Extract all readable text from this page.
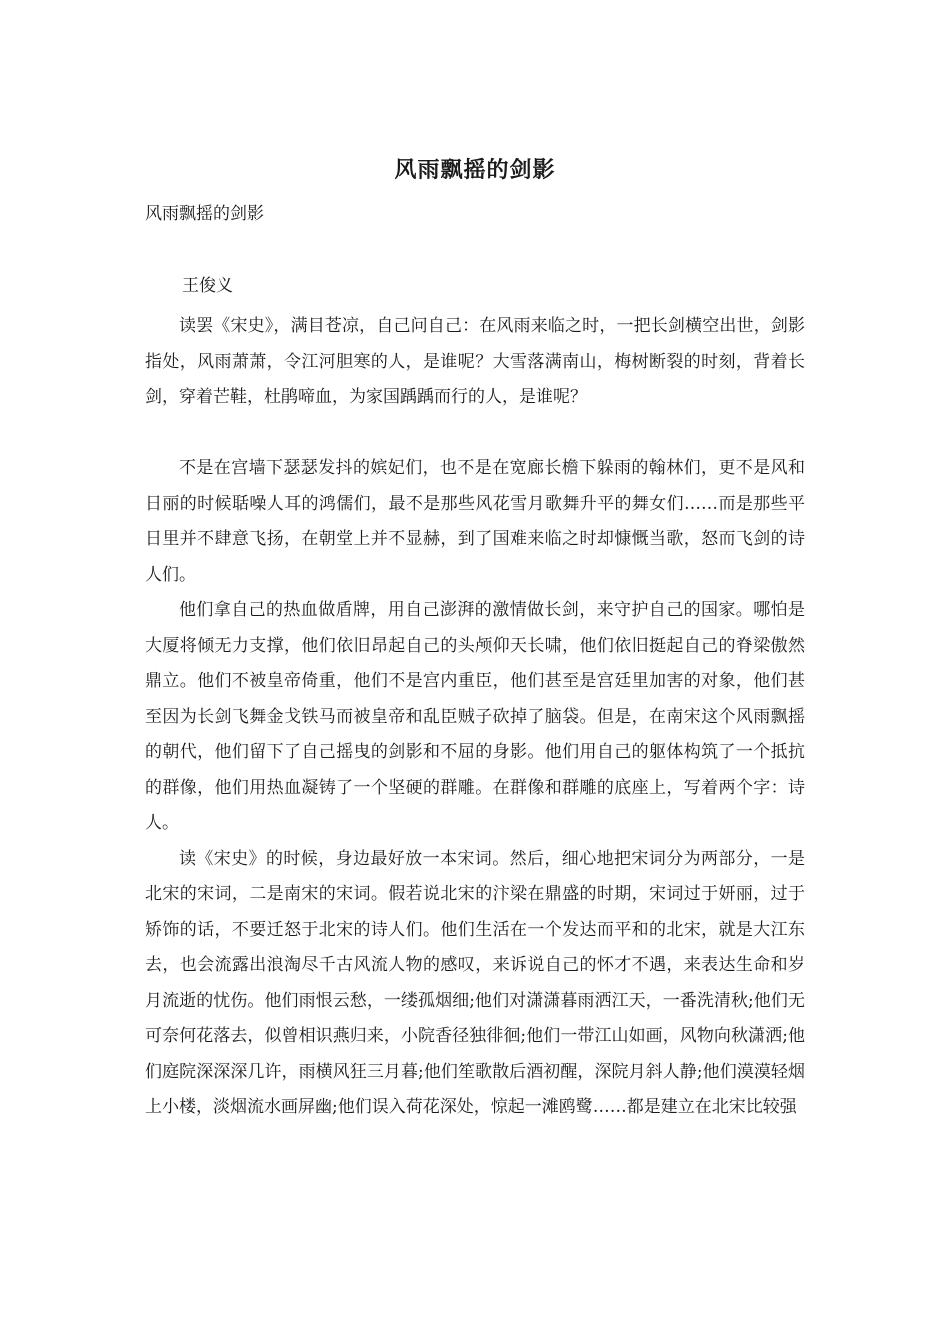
风雨飘摇的剑影
风雨飘摇的剑影
王俊义

读罢《宋史》，满目苍凉，自己问自己：在风雨来临之时，一把长剑横空出世，剑影指处，风雨萧萧，令江河胆寒的人，是谁呢？大雪落满南山，梅树断裂的时刻，背着长剑，穿着芒鞋，杜鹃啼血，为家国踽踽而行的人，是谁呢？

不是在宫墙下瑟瑟发抖的嫔妃们，也不是在宽廊长檐下躲雨的翰林们，更不是风和日丽的时候聒噪人耳的鸿儒们，最不是那些风花雪月歌舞升平的舞女们……而是那些平日里并不肆意飞扬，在朝堂上并不显赫，到了国难来临之时却慷慨当歌，怒而飞剑的诗人们。

他们拿自己的热血做盾牌，用自己澎湃的激情做长剑，来守护自己的国家。哪怕是大厦将倾无力支撑，他们依旧昂起自己的头颅仰天长啸，他们依旧挺起自己的脊梁傲然鼎立。他们不被皇帝倚重，他们不是宫内重臣，他们甚至是宫廷里加害的对象，他们甚至因为长剑飞舞金戈铁马而被皇帝和乱臣贼子砍掉了脑袋。但是，在南宋这个风雨飘摇的朝代，他们留下了自己摇曳的剑影和不屈的身影。他们用自己的躯体构筑了一个抵抗的群像，他们用热血凝铸了一个坚硬的群雕。在群像和群雕的底座上，写着两个字：诗人。

读《宋史》的时候，身边最好放一本宋词。然后，细心地把宋词分为两部分，一是北宋的宋词，二是南宋的宋词。假若说北宋的汴梁在鼎盛的时期，宋词过于妍丽，过于矫饰的话，不要迁怒于北宋的诗人们。他们生活在一个发达而平和的北宋，就是大江东去，也会流露出浪淘尽千古风流人物的感叹，来诉说自己的怀才不遇，来表达生命和岁月流逝的忧伤。他们雨恨云愁，一缕孤烟细;他们对潇潇暮雨洒江天，一番洗清秋;他们无可奈何花落去，似曾相识燕归来，小院香径独徘徊;他们一带江山如画，风物向秋潇洒;他们庭院深深深几许，雨横风狂三月暮;他们笙歌散后酒初醒，深院月斜人静;他们漠漠轻烟上小楼，淡烟流水画屏幽;他们误入荷花深处，惊起一滩鸥鹭……都是建立在北宋比较强
